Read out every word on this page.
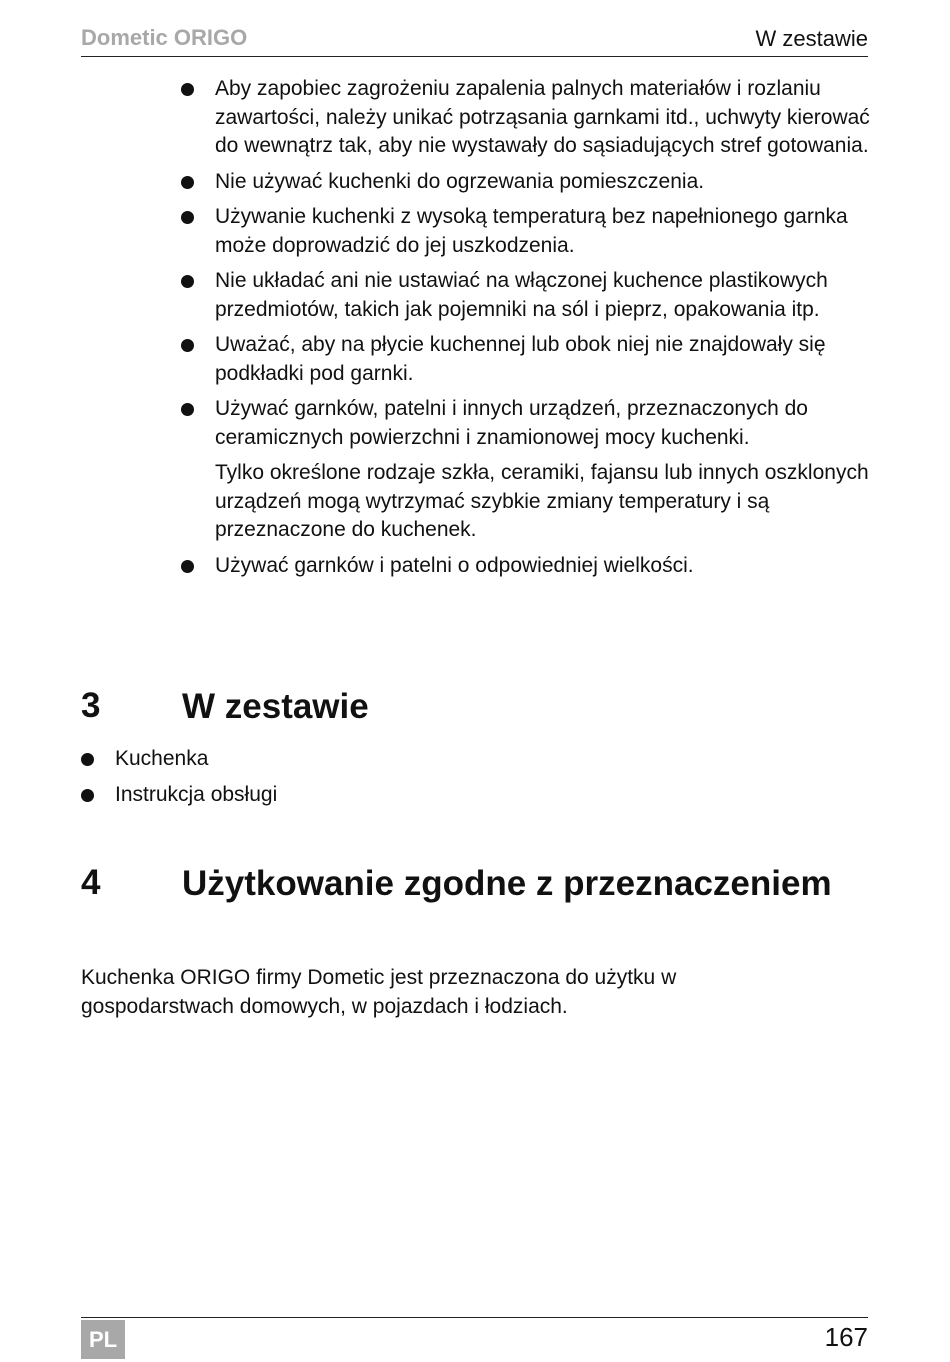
Dometic ORIGO	W zestawie
Aby zapobiec zagrożeniu zapalenia palnych materiałów i rozlaniu zawartości, należy unikać potrząsania garnkami itd., uchwyty kierować do wewnątrz tak, aby nie wystawały do sąsiadujących stref gotowania.
Nie używać kuchenki do ogrzewania pomieszczenia.
Używanie kuchenki z wysoką temperaturą bez napełnionego garnka może doprowadzić do jej uszkodzenia.
Nie układać ani nie ustawiać na włączonej kuchence plastikowych przedmiotów, takich jak pojemniki na sól i pieprz, opakowania itp.
Uważać, aby na płycie kuchennej lub obok niej nie znajdowały się podkładki pod garnki.
Używać garnków, patelni i innych urządzeń, przeznaczonych do ceramicznych powierzchni i znamionowej mocy kuchenki.
Tylko określone rodzaje szkła, ceramiki, fajansu lub innych oszklonych urządzeń mogą wytrzymać szybkie zmiany temperatury i są przeznaczone do kuchenek.
Używać garnków i patelni o odpowiedniej wielkości.
3 W zestawie
Kuchenka
Instrukcja obsługi
4 Użytkowanie zgodne z przeznaczeniem

Kuchenka ORIGO firmy Dometic jest przeznaczona do użytku w gospodarstwach domowych, w pojazdach i łodziach.

PL	167
